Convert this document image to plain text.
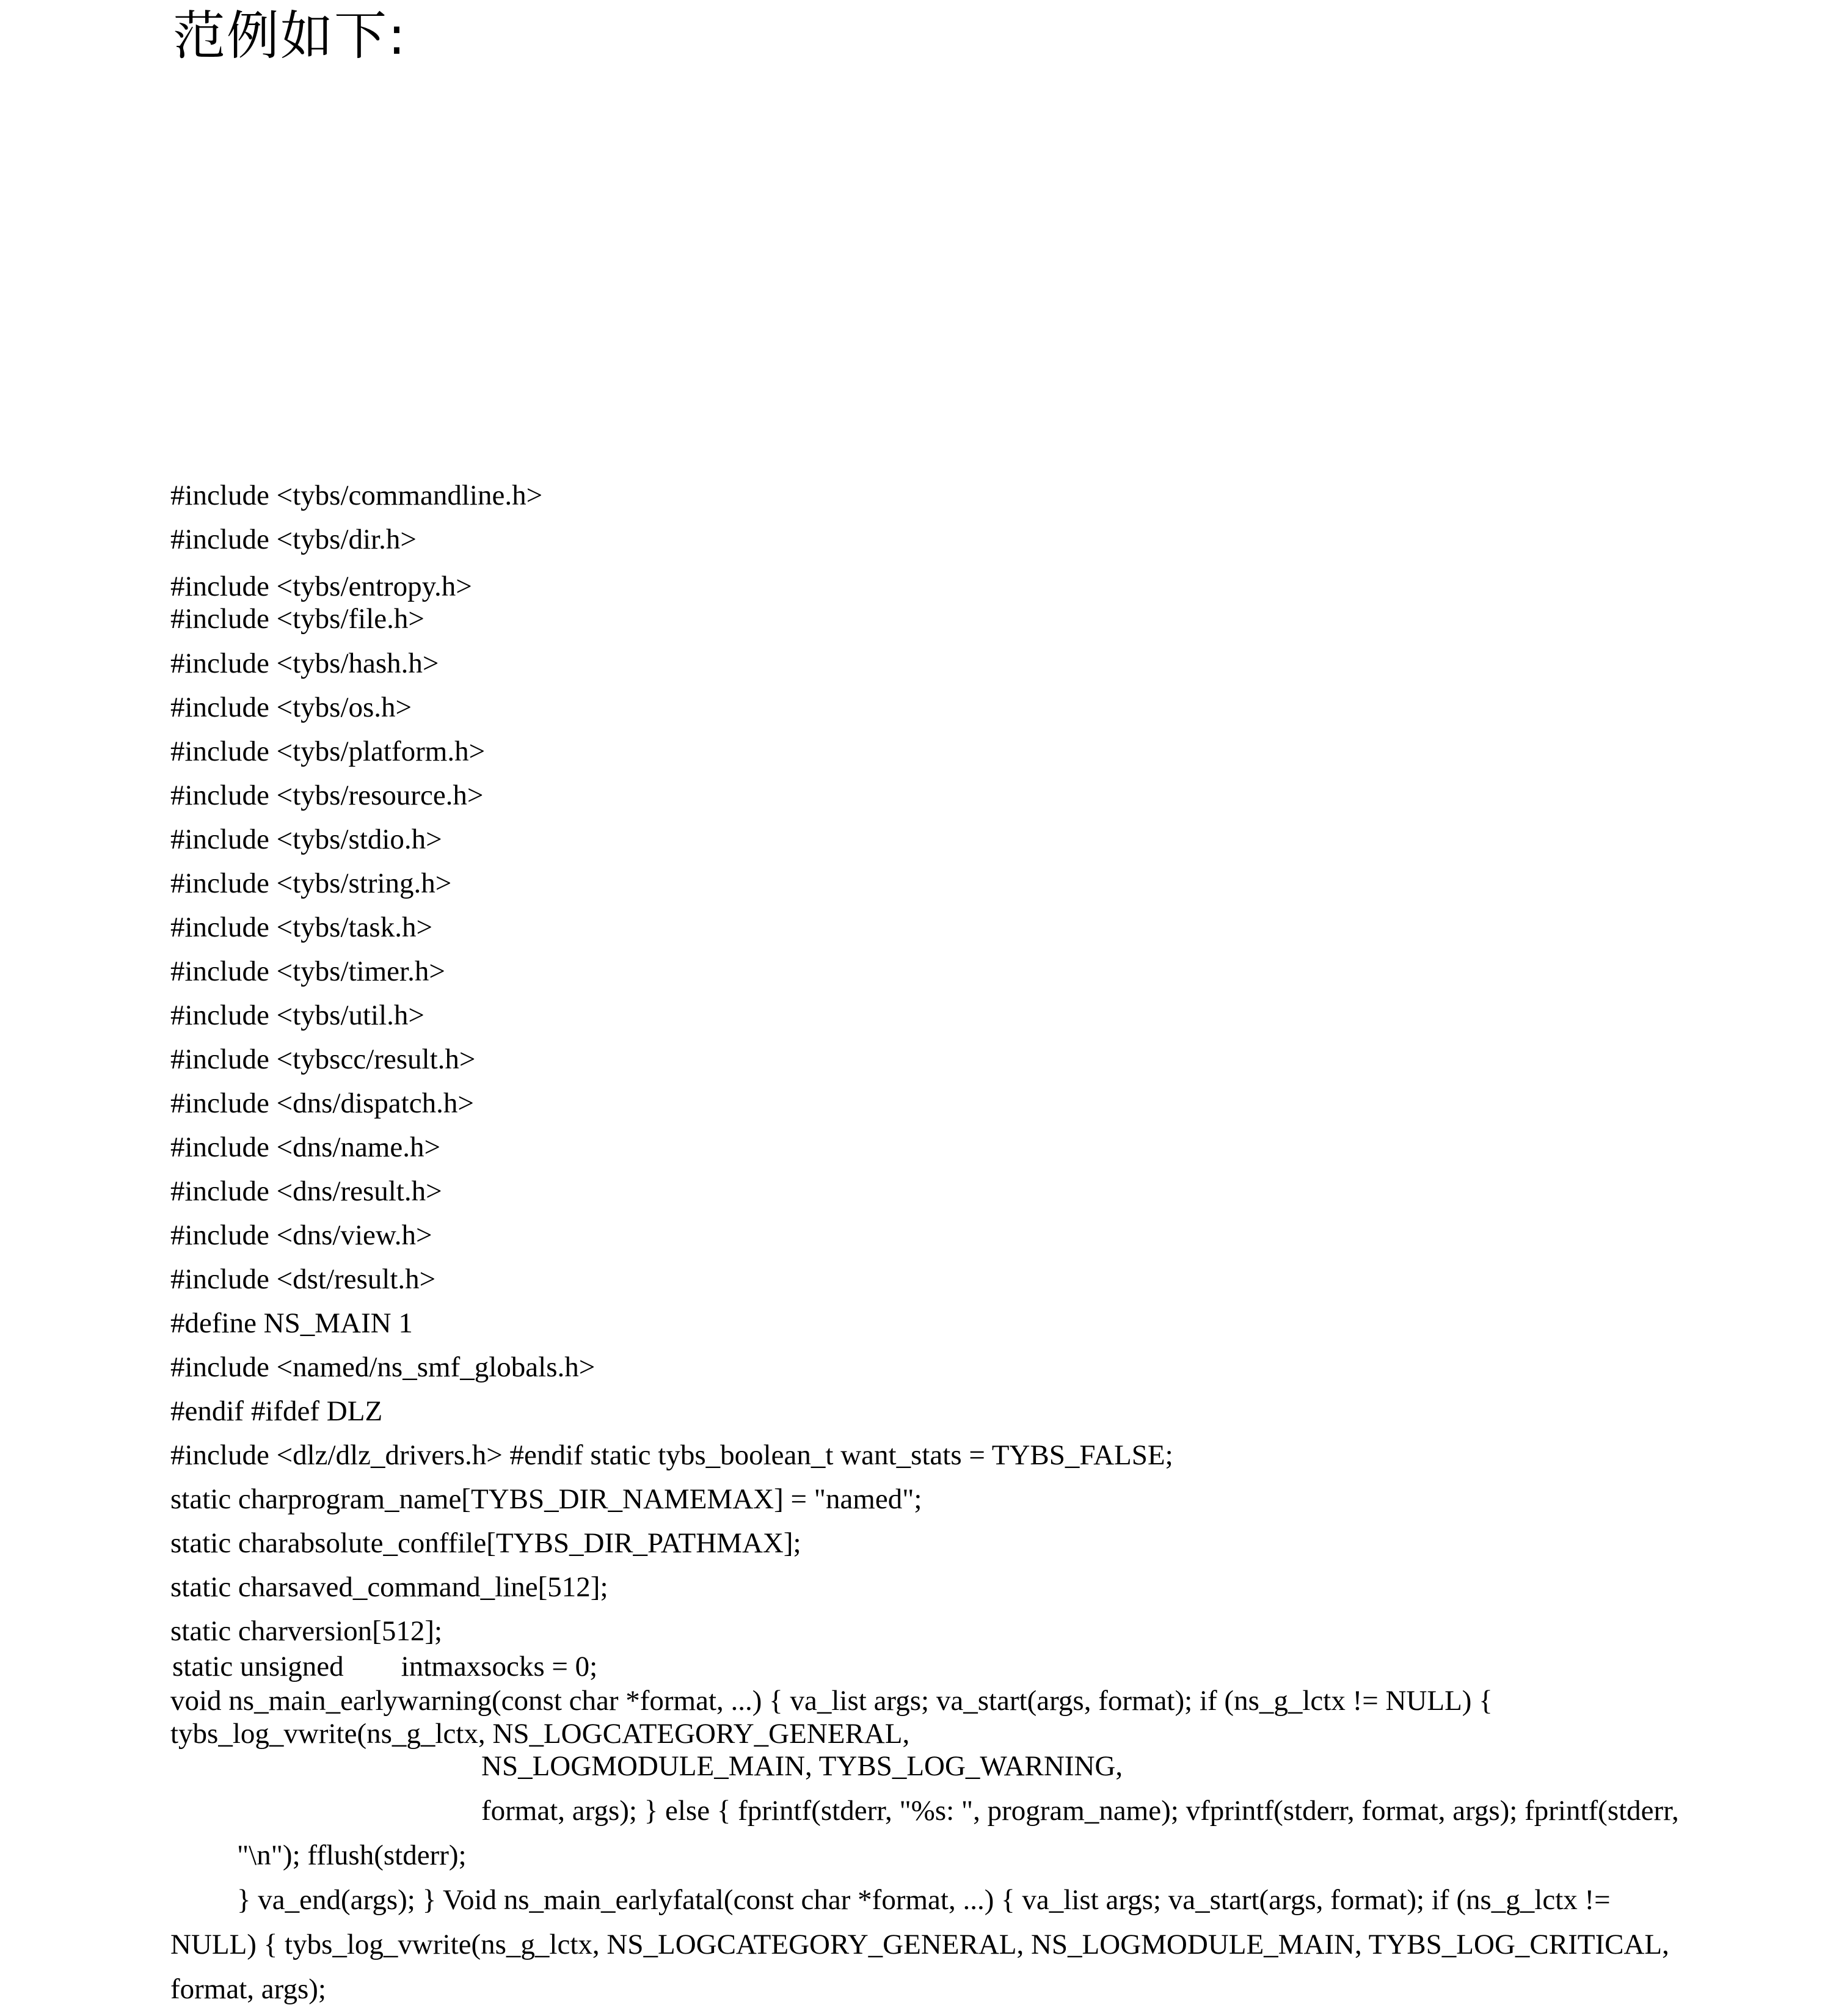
范例如下:
#include <tybs/commandline.h>
#include <tybs/dir.h>
#include <tybs/entropy.h>
#include <tybs/file.h>
#include <tybs/hash.h>
#include <tybs/os.h>
#include <tybs/platform.h>
#include <tybs/resource.h>
#include <tybs/stdio.h>
#include <tybs/string.h>
#include <tybs/task.h>
#include <tybs/timer.h>
#include <tybs/util.h>
#include <tybscc/result.h>
#include <dns/dispatch.h>
#include <dns/name.h>
#include <dns/result.h>
#include <dns/view.h>
#include <dst/result.h>
#define NS_MAIN 1
#include <named/ns_smf_globals.h>
#endif #ifdef DLZ
#include <dlz/dlz_drivers.h> #endif static tybs_boolean_t want_stats = TYBS_FALSE;
static charprogram_name[TYBS_DIR_NAMEMAX] = "named";
static charabsolute_conffile[TYBS_DIR_PATHMAX];
static charsaved_command_line[512];
static charversion[512];
static unsigned        intmaxsocks = 0;
void ns_main_earlywarning(const char *format, ...) { va_list args; va_start(args, format); if (ns_g_lctx != NULL) {
tybs_log_vwrite(ns_g_lctx, NS_LOGCATEGORY_GENERAL,
NS_LOGMODULE_MAIN, TYBS_LOG_WARNING,
format, args); } else { fprintf(stderr, "%s: ", program_name); vfprintf(stderr, format, args); fprintf(stderr,
"\n"); fflush(stderr);
} va_end(args); } Void ns_main_earlyfatal(const char *format, ...) { va_list args; va_start(args, format); if (ns_g_lctx !=
NULL) { tybs_log_vwrite(ns_g_lctx, NS_LOGCATEGORY_GENERAL, NS_LOGMODULE_MAIN, TYBS_LOG_CRITICAL,
format, args);
